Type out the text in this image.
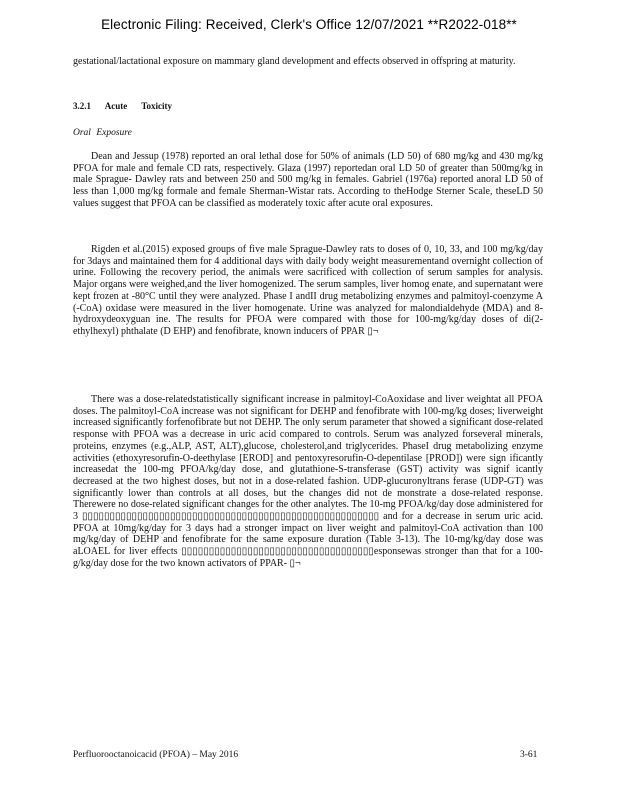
Electronic Filing: Received, Clerk's Office 12/07/2021 **R2022-018**
gestational/lactational exposure on mammary gland development and effects observed in offspring at maturity.
3.2.1 Acute Toxicity
Oral Exposure
Dean and Jessup (1978) reported an oral lethal dose for 50% of animals (LD 50) of 680 mg/kg and 430 mg/kg PFOA for male and female CD rats, respectively. Glaza (1997) reportedan oral LD 50 of greater than 500mg/kg in male Sprague- Dawley rats and between 250 and 500 mg/kg in females. Gabriel (1976a) reported anoral LD 50 of less than 1,000 mg/kg formale and female Sherman-Wistar rats. According to theHodge Sterner Scale, theseLD 50 values suggest that PFOA can be classified as moderately toxic after acute oral exposures.
Rigden et al.(2015) exposed groups of five male Sprague-Dawley rats to doses of 0, 10, 33, and 100 mg/kg/day for 3days and maintained them for 4 additional days with daily body weight measurementand overnight collection of urine. Following the recovery period, the animals were sacrificed with collection of serum samples for analysis. Major organs were weighed,and the liver homogenized. The serum samples, liver homog enate, and supernatant were kept frozen at -80°C until they were analyzed. Phase I andII drug metabolizing enzymes and palmitoyl-coenzyme A (-CoA) oxidase were measured in the liver homogenate. Urine was analyzed for malondialdehyde (MDA) and 8-hydroxydeoxyguan ine. The results for PFOA were compared with those for 100-mg/kg/day doses of di(2-ethylhexyl) phthalate (D EHP) and fenofibrate, known inducers of PPAR ▯¬
There was a dose-relatedstatistically significant increase in palmitoyl-CoAoxidase and liver weightat all PFOA doses. The palmitoyl-CoA increase was not significant for DEHP and fenofibrate with 100-mg/kg doses; liverweight increased significantly forfenofibrate but not DEHP. The only serum parameter that showed a significant dose-related response with PFOA was a decrease in uric acid compared to controls. Serum was analyzed forseveral minerals, proteins, enzymes (e.g.,ALP, AST, ALT),glucose, cholesterol,and triglycerides. PhaseI drug metabolizing enzyme activities (ethoxyresorufin-O-deethylase [EROD] and pentoxyresorufin-O-depentilase [PROD]) were sign ificantly increasedat the 100-mg PFOA/kg/day dose, and glutathione-S-transferase (GST) activity was signif icantly decreased at the two highest doses, but not in a dose-related fashion. UDP-glucuronyltrans ferase (UDP-GT) was significantly lower than controls at all doses, but the changes did not de monstrate a dose-related response. Therewere no dose-related significant changes for the other analytes. The 10-mg PFOA/kg/day dose administered for 3 ▯▯▯▯▯▯▯▯▯▯▯▯▯▯▯▯▯▯▯▯▯▯▯▯▯▯▯▯▯▯▯▯▯▯▯▯▯▯▯▯▯▯▯▯▯▯▯▯▯▯▯▯▯▯ and for a decrease in serum uric acid. PFOA at 10mg/kg/day for 3 days had a stronger impact on liver weight and palmitoyl-CoA activation than 100 mg/kg/day of DEHP and fenofibrate for the same exposure duration (Table 3-13). The 10-mg/kg/day dose was aLOAEL for liver effects ▯▯▯▯▯▯▯▯▯▯▯▯▯▯▯▯▯▯▯▯▯▯▯▯▯▯▯▯▯▯▯▯▯▯▯esponsewas stronger than that for a 100-g/kg/day dose for the two known activators of PPAR- ▯¬
Perfluorooctanoicacid (PFOA) – May 2016	3-61
